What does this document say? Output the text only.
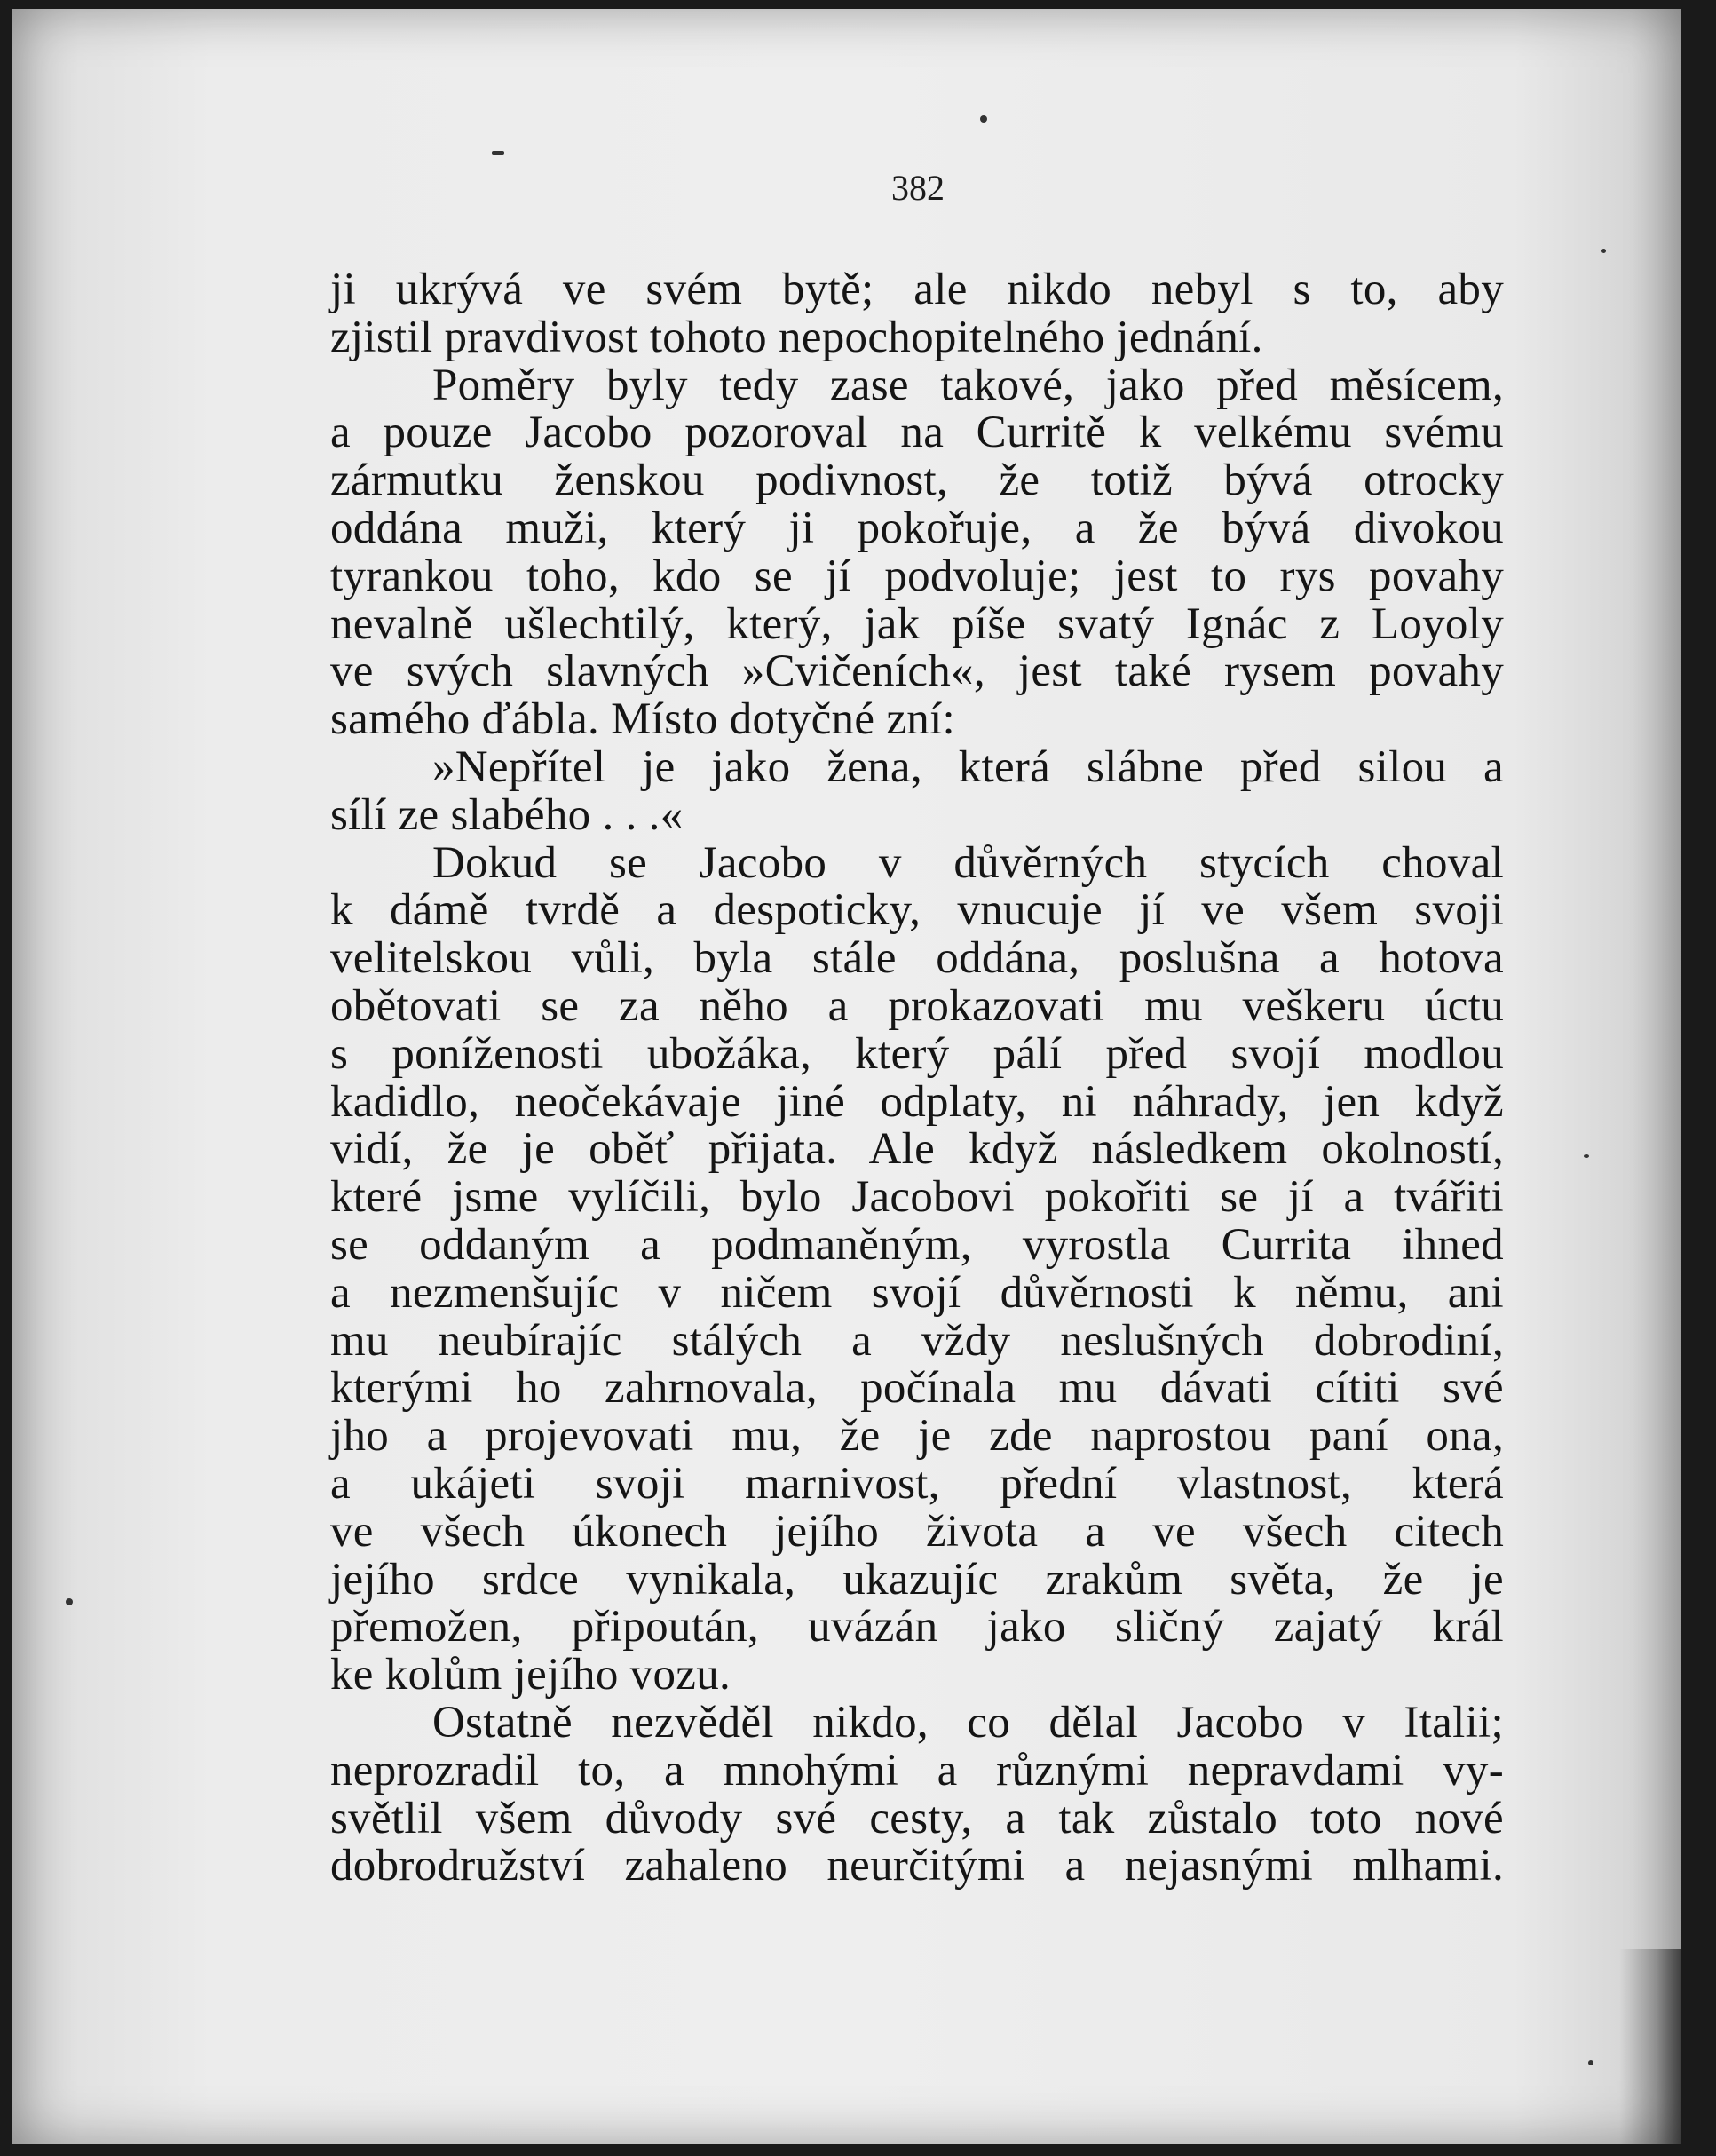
382
ji ukrývá ve svém bytě; ale nikdo nebyl s to, aby
zjistil pravdivost tohoto nepochopitelného jednání.
Poměry byly tedy zase takové, jako před měsícem,
a pouze Jacobo pozoroval na Curritě k velkému svému
zármutku ženskou podivnost, že totiž bývá otrocky
oddána muži, který ji pokořuje, a že bývá divokou
tyrankou toho, kdo se jí podvoluje; jest to rys povahy
nevalně ušlechtilý, který, jak píše svatý Ignác z Loyoly
ve svých slavných »Cvičeních«, jest také rysem povahy
samého ďábla. Místo dotyčné zní:
»Nepřítel je jako žena, která slábne před silou a
sílí ze slabého . . .«
Dokud se Jacobo v důvěrných stycích choval
k dámě tvrdě a despoticky, vnucuje jí ve všem svoji
velitelskou vůli, byla stále oddána, poslušna a hotova
obětovati se za něho a prokazovati mu veškeru úctu
s poníženosti ubožáka, který pálí před svojí modlou
kadidlo, neočekávaje jiné odplaty, ni náhrady, jen když
vidí, že je oběť přijata. Ale když následkem okolností,
které jsme vylíčili, bylo Jacobovi pokořiti se jí a tvářiti
se oddaným a podmaněným, vyrostla Currita ihned
a nezmenšujíc v ničem svojí důvěrnosti k němu, ani
mu neubírajíc stálých a vždy neslušných dobrodiní,
kterými ho zahrnovala, počínala mu dávati cítiti své
jho a projevovati mu, že je zde naprostou paní ona,
a ukájeti svoji marnivost, přední vlastnost, která
ve všech úkonech jejího života a ve všech citech
jejího srdce vynikala, ukazujíc zrakům světa, že je
přemožen, připoután, uvázán jako sličný zajatý král
ke kolům jejího vozu.
Ostatně nezvěděl nikdo, co dělal Jacobo v Italii;
neprozradil to, a mnohými a různými nepravdami vy-
světlil všem důvody své cesty, a tak zůstalo toto nové
dobrodružství zahaleno neurčitými a nejasnými mlhami.
